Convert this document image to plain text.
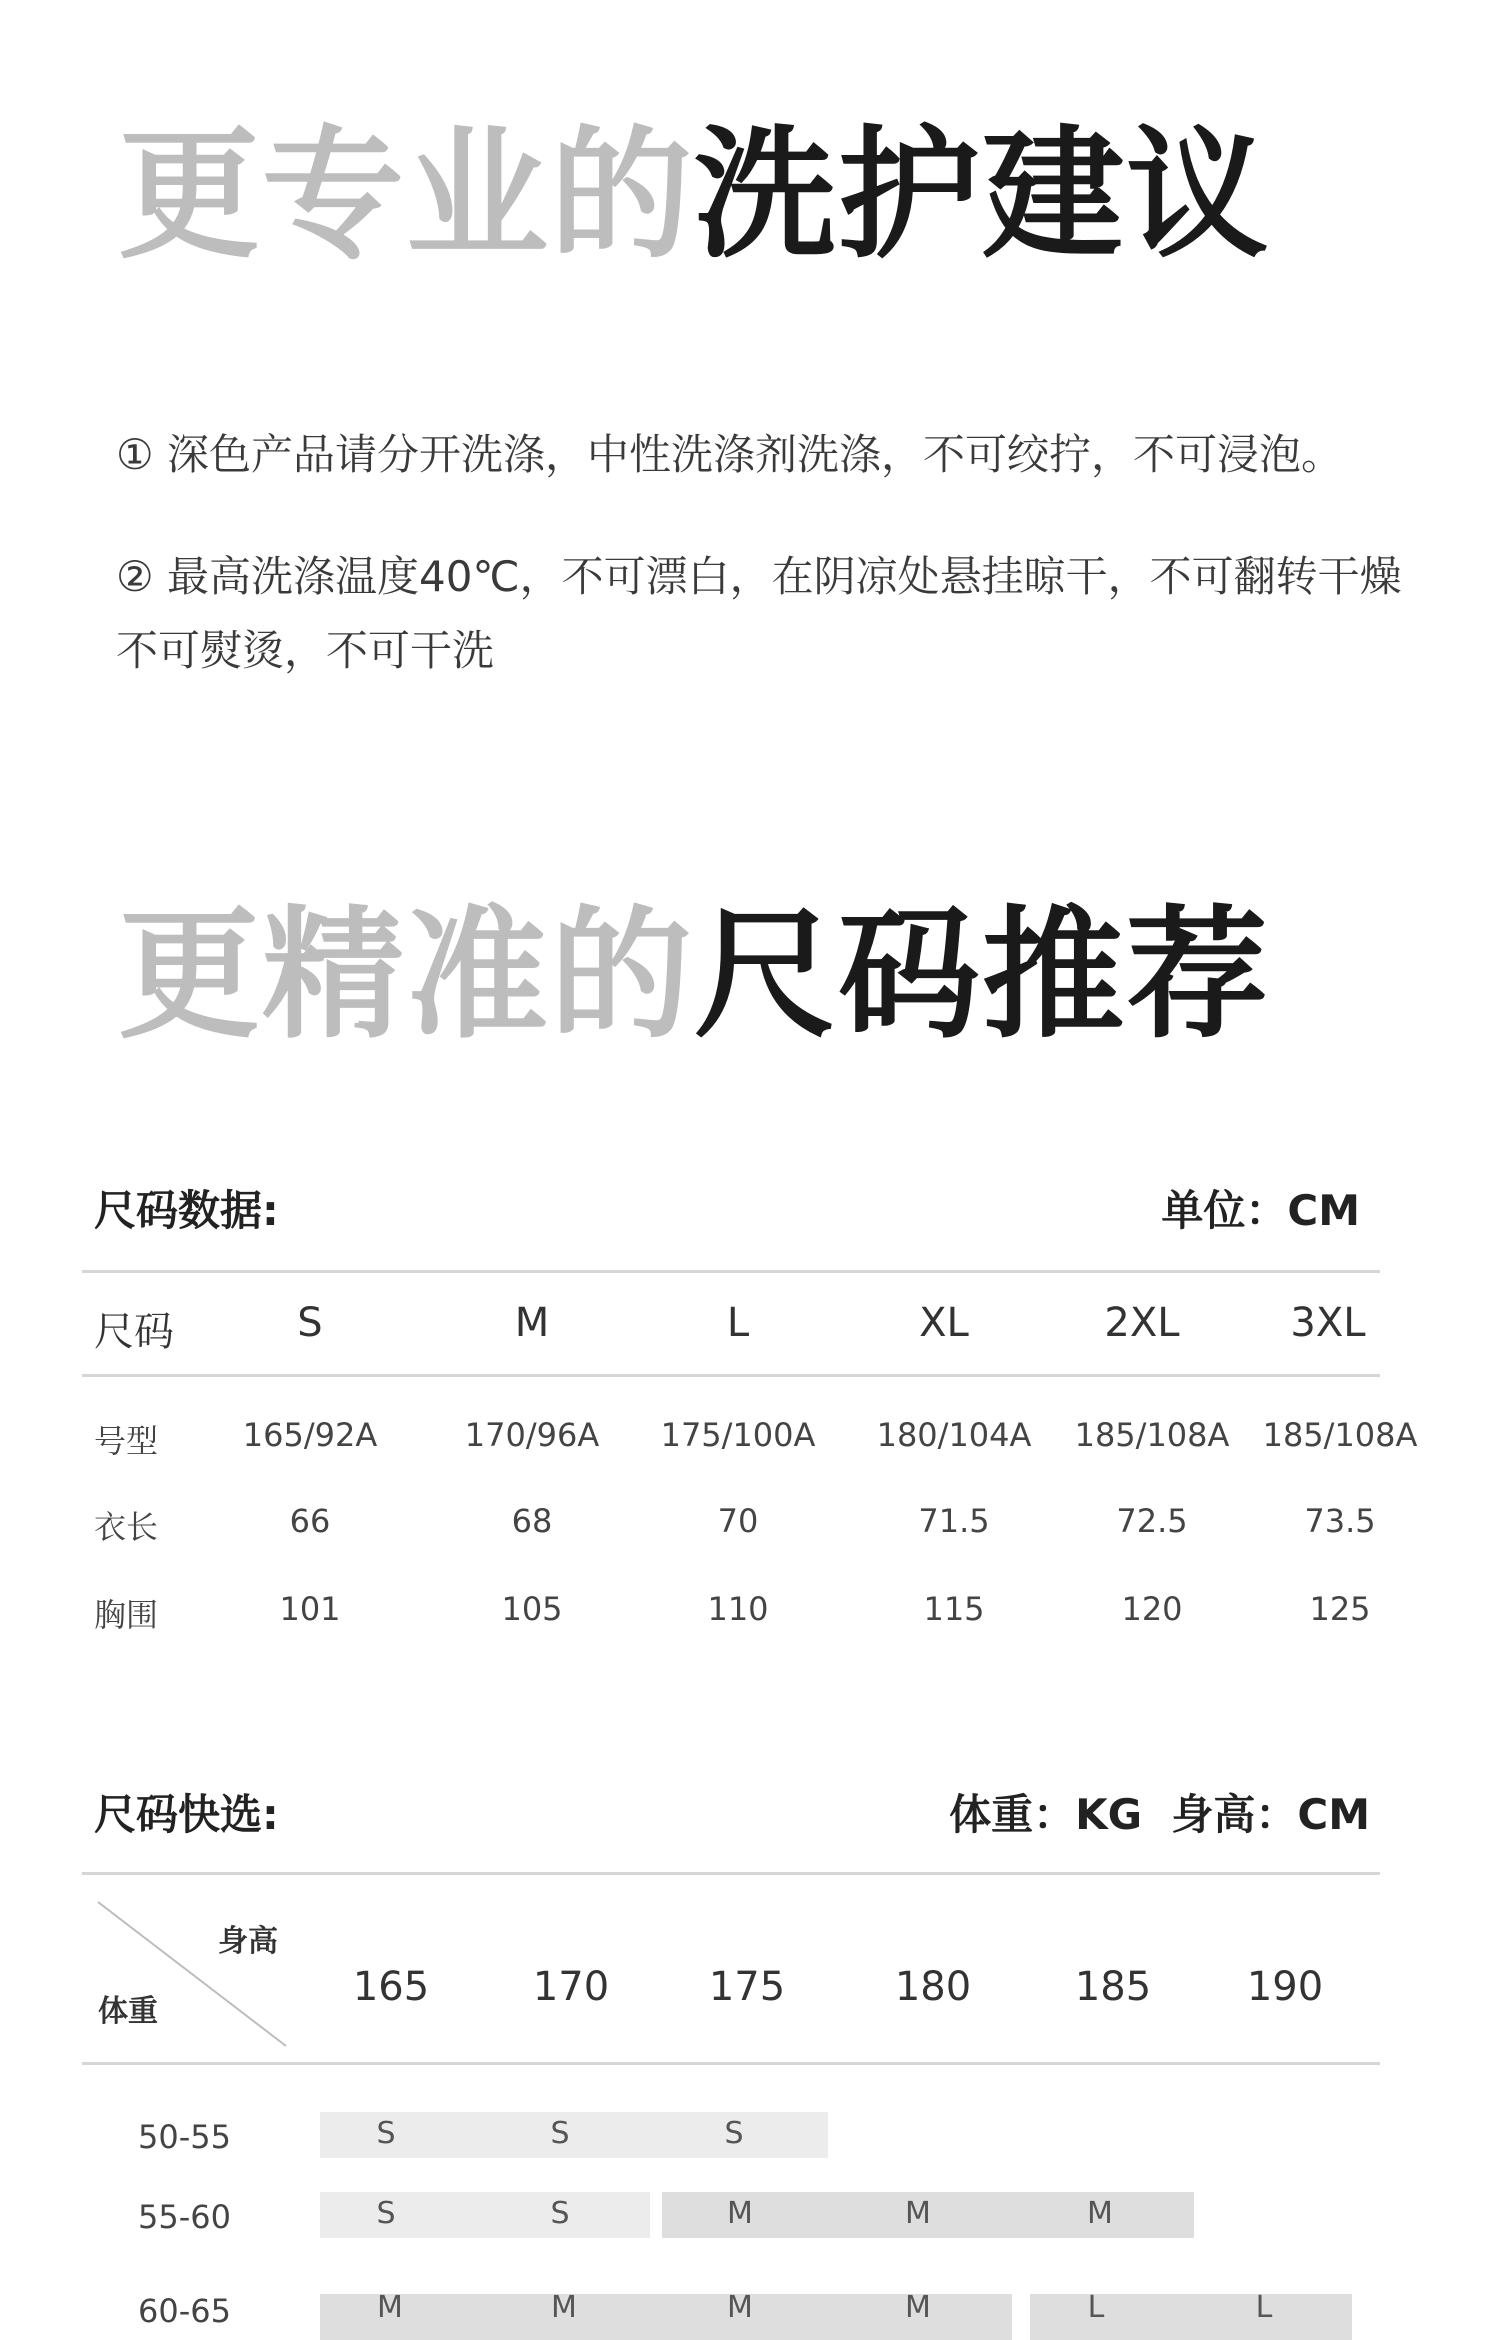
更专业的洗护建议
① 深色产品请分开洗涤，中性洗涤剂洗涤，不可绞拧，不可浸泡。
② 最高洗涤温度40℃，不可漂白，在阴凉处悬挂晾干，不可翻转干燥不可熨烫，不可干洗
更精准的尺码推荐
尺码数据:	单位：CM
尺码	S	M	L	XL	2XL	3XL
号型	165/92A	170/96A	175/100A	180/104A	185/108A	185/108A
衣长	66	68	70	71.5	72.5	73.5
胸围	101	105	110	115	120	125
尺码快选:	体重：KG  身高：CM
身高
体重
165	170	175	180	185	190
50-55	S	S	S
55-60	S	S	M	M	M
60-65	M	M	M	M	L	L
